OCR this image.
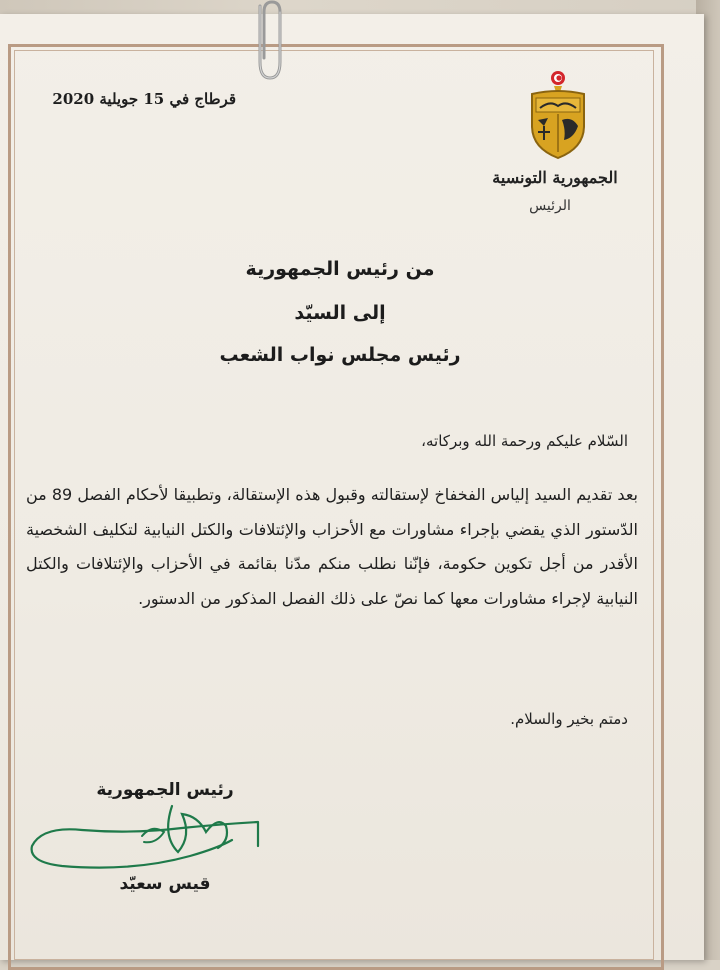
قرطاج في 15 جويلية 2020
الجمهورية التونسية
الرئيس
من رئيس الجمهورية
إلى السيّد
رئيس مجلس نواب الشعب
السّلام عليكم ورحمة الله وبركاته،
بعد تقديم السيد إلياس الفخفاخ لإستقالته وقبول هذه الإستقالة، وتطبيقا لأحكام الفصل 89 من الدّستور الذي يقضي بإجراء مشاورات مع الأحزاب والإئتلافات والكتل النيابية لتكليف الشخصية الأقدر من أجل تكوين حكومة، فإنّنا نطلب منكم مدّنا بقائمة في الأحزاب والإئتلافات والكتل النيابية لإجراء مشاورات معها كما نصّ على ذلك الفصل المذكور من الدستور.
دمتم بخير والسلام.
رئيس الجمهورية
قيس سعيّد
